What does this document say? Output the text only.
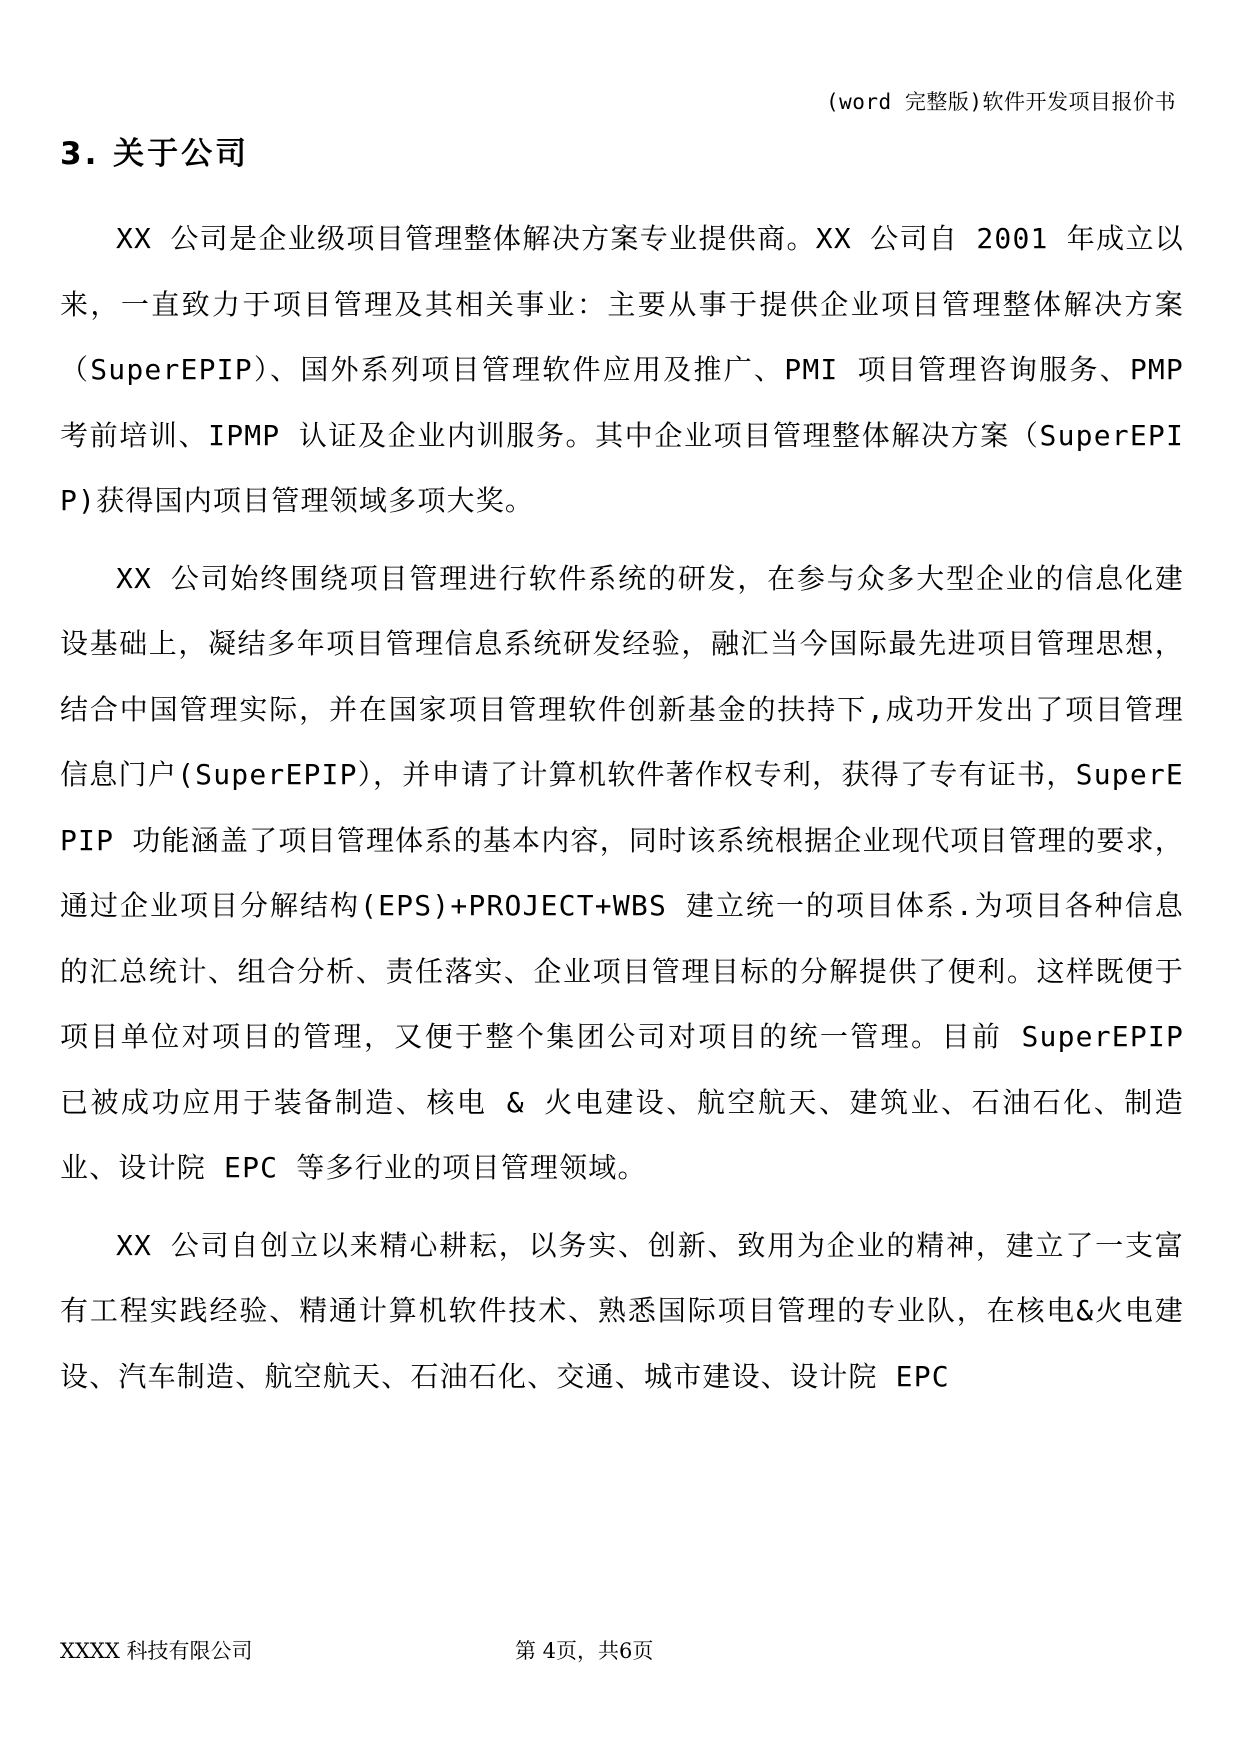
(word 完整版)软件开发项目报价书
3. 关于公司

XX 公司是企业级项目管理整体解决方案专业提供商。XX 公司自 2001 年成立以来，一直致力于项目管理及其相关事业：主要从事于提供企业项目管理整体解决方案（SuperEPIP）、国外系列项目管理软件应用及推广、PMI 项目管理咨询服务、PMP 考前培训、IPMP 认证及企业内训服务。其中企业项目管理整体解决方案（SuperEPIP)获得国内项目管理领域多项大奖。

XX 公司始终围绕项目管理进行软件系统的研发，在参与众多大型企业的信息化建设基础上，凝结多年项目管理信息系统研发经验，融汇当今国际最先进项目管理思想，结合中国管理实际，并在国家项目管理软件创新基金的扶持下,成功开发出了项目管理信息门户(SuperEPIP），并申请了计算机软件著作权专利，获得了专有证书，SuperEPIP 功能涵盖了项目管理体系的基本内容，同时该系统根据企业现代项目管理的要求，通过企业项目分解结构(EPS)+PROJECT+WBS 建立统一的项目体系.为项目各种信息的汇总统计、组合分析、责任落实、企业项目管理目标的分解提供了便利。这样既便于项目单位对项目的管理，又便于整个集团公司对项目的统一管理。目前 SuperEPIP 已被成功应用于装备制造、核电 & 火电建设、航空航天、建筑业、石油石化、制造业、设计院 EPC 等多行业的项目管理领域。

XX 公司自创立以来精心耕耘，以务实、创新、致用为企业的精神，建立了一支富有工程实践经验、精通计算机软件技术、熟悉国际项目管理的专业队，在核电&火电建设、汽车制造、航空航天、石油石化、交通、城市建设、设计院 EPC

XXXX 科技有限公司	第 4页，共6页
